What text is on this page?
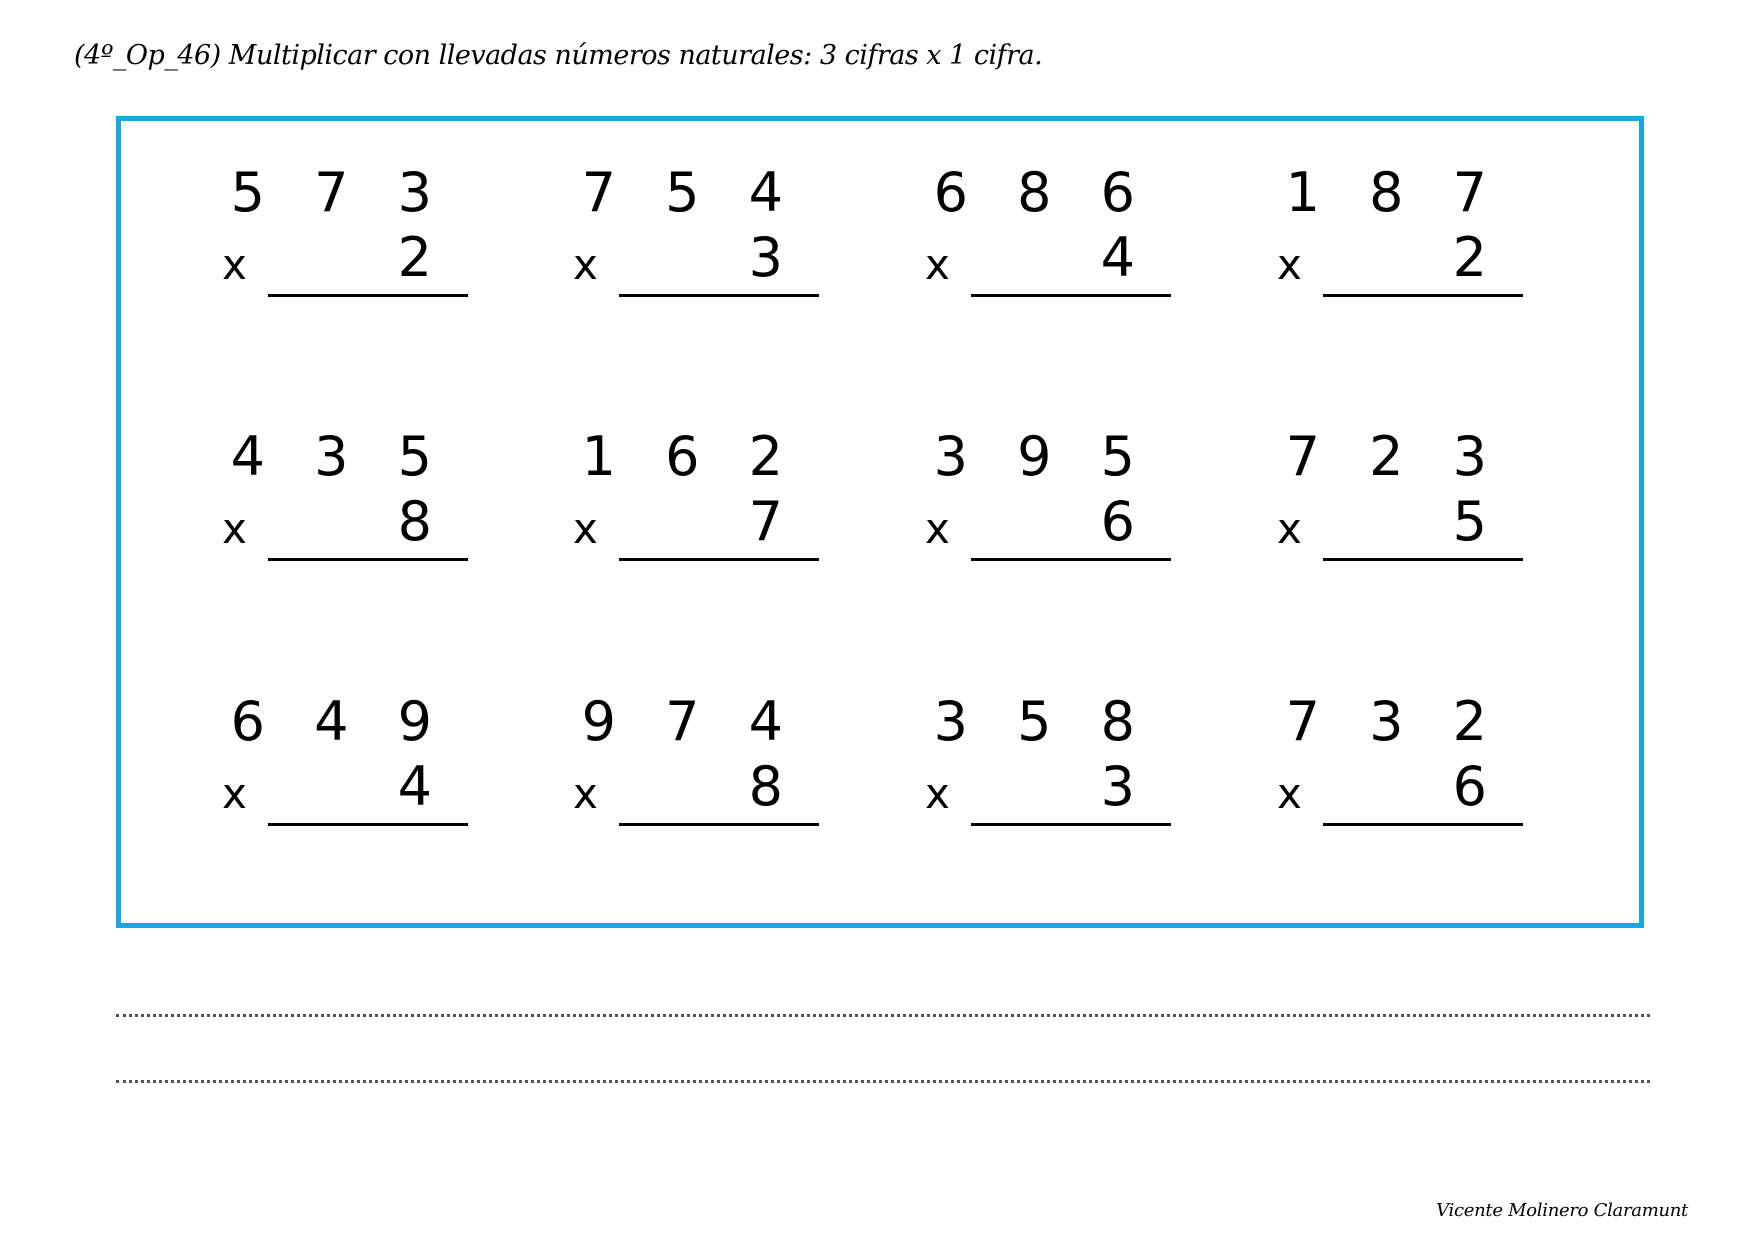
(4º_Op_46) Multiplicar con llevadas números naturales: 3 cifras x 1 cifra.
5 7 3
x	2
7 5 4
x	3
6 8 6
x	4
1 8 7
x	2
4 3 5
x	8
1 6 2
x	7
3 9 5
x	6
7 2 3
x	5
6 4 9
x	4
9 7 4
x	8
3 5 8
x	3
7 3 2
x	6
Vicente Molinero Claramunt
